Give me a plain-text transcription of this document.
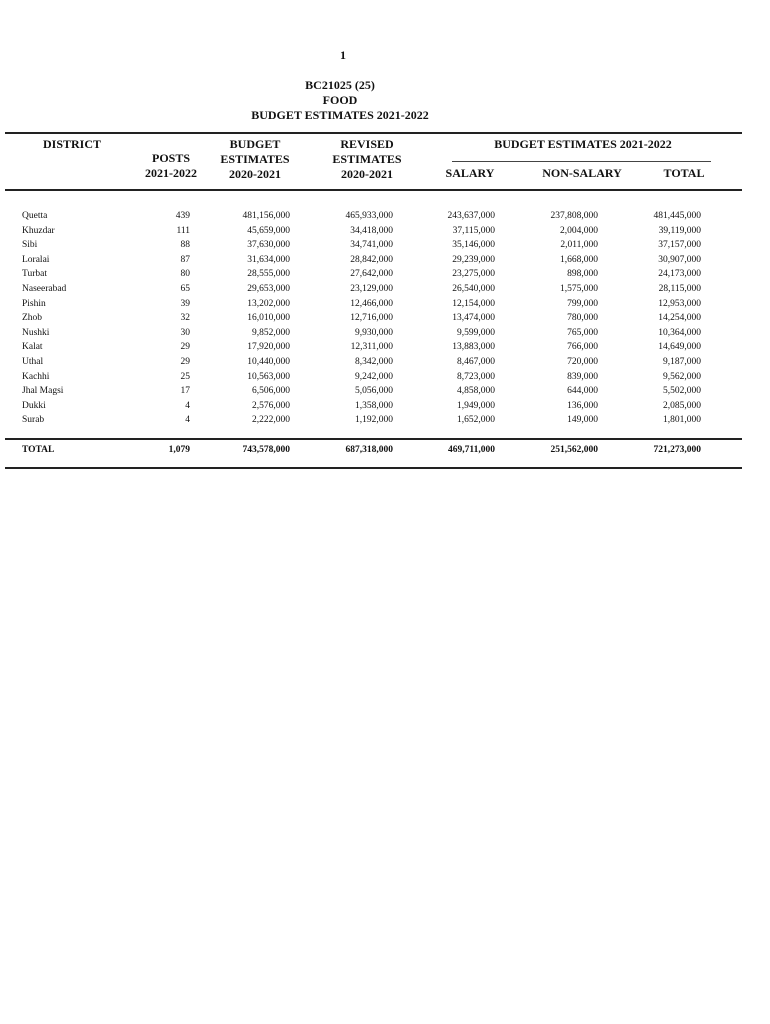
1
BC21025 (25)
FOOD
BUDGET ESTIMATES 2021-2022
DISTRICT
POSTS
2021-2022
BUDGET
ESTIMATES
2020-2021
REVISED
ESTIMATES
2020-2021
BUDGET ESTIMATES 2021-2022
SALARY	NON-SALARY	TOTAL
Quetta	439	481,156,000	465,933,000	243,637,000	237,808,000	481,445,000
Khuzdar	111	45,659,000	34,418,000	37,115,000	2,004,000	39,119,000
Sibi	88	37,630,000	34,741,000	35,146,000	2,011,000	37,157,000
Loralai	87	31,634,000	28,842,000	29,239,000	1,668,000	30,907,000
Turbat	80	28,555,000	27,642,000	23,275,000	898,000	24,173,000
Naseerabad	65	29,653,000	23,129,000	26,540,000	1,575,000	28,115,000
Pishin	39	13,202,000	12,466,000	12,154,000	799,000	12,953,000
Zhob	32	16,010,000	12,716,000	13,474,000	780,000	14,254,000
Nushki	30	9,852,000	9,930,000	9,599,000	765,000	10,364,000
Kalat	29	17,920,000	12,311,000	13,883,000	766,000	14,649,000
Uthal	29	10,440,000	8,342,000	8,467,000	720,000	9,187,000
Kachhi	25	10,563,000	9,242,000	8,723,000	839,000	9,562,000
Jhal Magsi	17	6,506,000	5,056,000	4,858,000	644,000	5,502,000
Dukki	4	2,576,000	1,358,000	1,949,000	136,000	2,085,000
Surab	4	2,222,000	1,192,000	1,652,000	149,000	1,801,000
TOTAL	1,079	743,578,000	687,318,000	469,711,000	251,562,000	721,273,000
